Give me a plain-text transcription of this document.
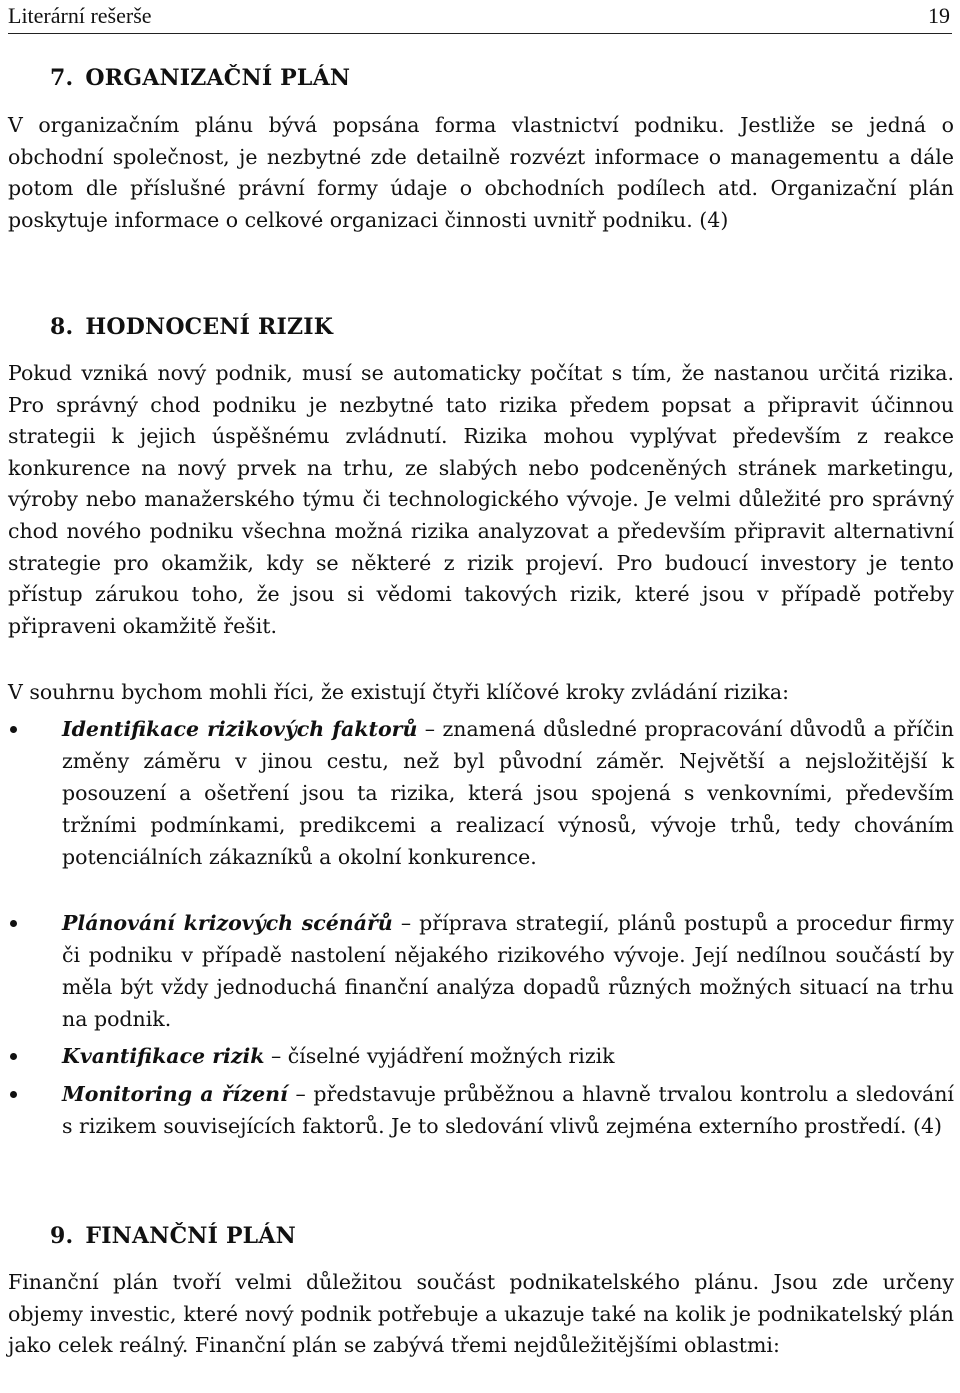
Literární rešerše	19
7. ORGANIZAČNÍ PLÁN

V organizačním plánu bývá popsána forma vlastnictví podniku. Jestliže se jedná o obchodní společnost, je nezbytné zde detailně rozvézt informace o managementu a dále potom dle příslušné právní formy údaje o obchodních podílech atd. Organizační plán poskytuje informace o celkové organizaci činnosti uvnitř podniku. (4)

8. HODNOCENÍ RIZIK

Pokud vzniká nový podnik, musí se automaticky počítat s tím, že nastanou určitá rizika. Pro správný chod podniku je nezbytné tato rizika předem popsat a připravit účinnou strategii k jejich úspěšnému zvládnutí. Rizika mohou vyplývat především z reakce konkurence na nový prvek na trhu, ze slabých nebo podceněných stránek marketingu, výroby nebo manažerského týmu či technologického vývoje. Je velmi důležité pro správný chod nového podniku všechna možná rizika analyzovat a především připravit alternativní strategie pro okamžik, kdy se některé z rizik projeví. Pro budoucí investory je tento přístup zárukou toho, že jsou si vědomi takových rizik, které jsou v případě potřeby připraveni okamžitě řešit.

V souhrnu bychom mohli říci, že existují čtyři klíčové kroky zvládání rizika:

Identifikace rizikových faktorů – znamená důsledné propracování důvodů a příčin změny záměru v jinou cestu, než byl původní záměr. Největší a nejsložitější k posouzení a ošetření jsou ta rizika, která jsou spojená s venkovními, především tržními podmínkami, predikcemi a realizací výnosů, vývoje trhů, tedy chováním potenciálních zákazníků a okolní konkurence.
Plánování krizových scénářů – příprava strategií, plánů postupů a procedur firmy či podniku v případě nastolení nějakého rizikového vývoje. Její nedílnou součástí by měla být vždy jednoduchá finanční analýza dopadů různých možných situací na trhu na podnik.
Kvantifikace rizik – číselné vyjádření možných rizik
Monitoring a řízení – představuje průběžnou a hlavně trvalou kontrolu a sledování s rizikem souvisejících faktorů. Je to sledování vlivů zejména externího prostředí. (4)
9. FINANČNÍ PLÁN

Finanční plán tvoří velmi důležitou součást podnikatelského plánu. Jsou zde určeny objemy investic, které nový podnik potřebuje a ukazuje také na kolik je podnikatelský plán jako celek reálný. Finanční plán se zabývá třemi nejdůležitějšími oblastmi:
